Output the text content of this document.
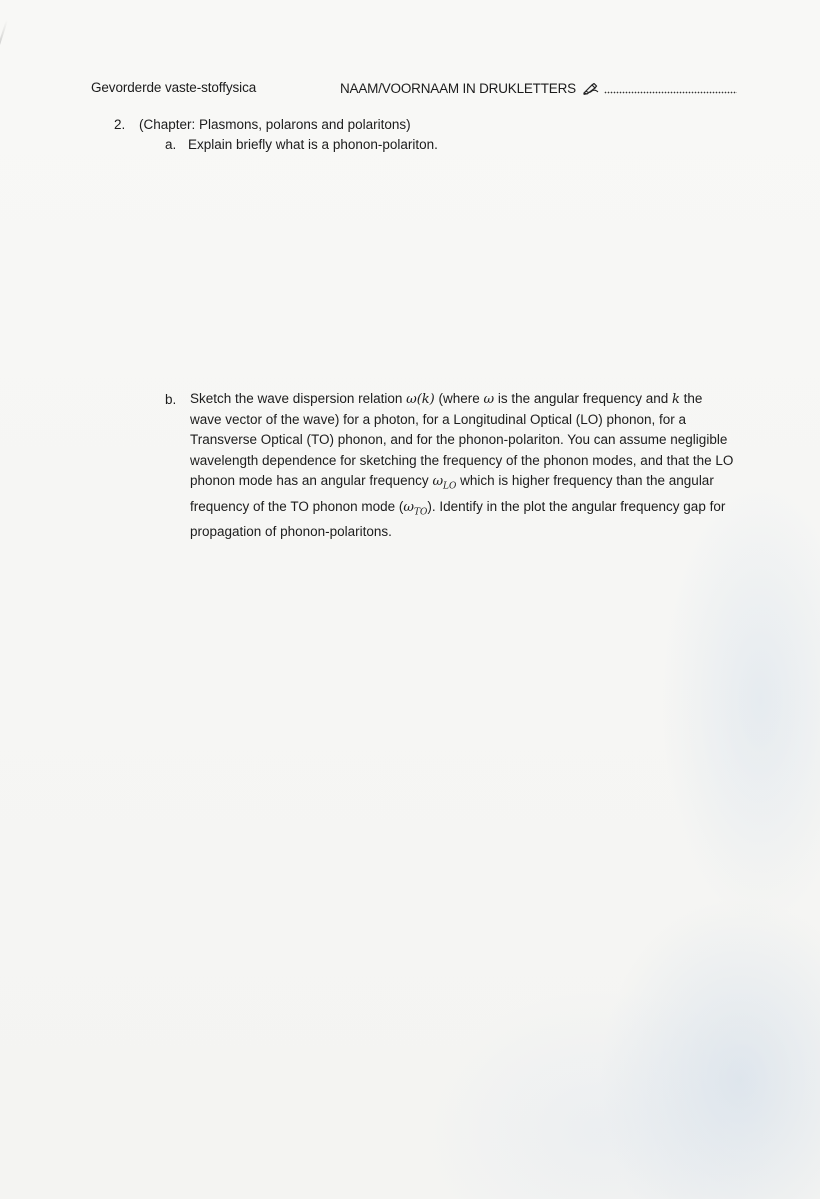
Gevorderde vaste-stoffysica	NAAM/VOORNAAM IN DRUKLETTERS
2. (Chapter: Plasmons, polarons and polaritons)
a. Explain briefly what is a phonon-polariton.
b. Sketch the wave dispersion relation ω(k) (where ω is the angular frequency and k the
wave vector of the wave) for a photon, for a Longitudinal Optical (LO) phonon, for a
Transverse Optical (TO) phonon, and for the phonon-polariton. You can assume negligible
wavelength dependence for sketching the frequency of the phonon modes, and that the LO
phonon mode has an angular frequency $\omega_{LO}$ which is higher frequency than the angular
frequency of the TO phonon mode $(\omega_{TO})$. Identify in the plot the angular frequency gap for
propagation of phonon-polaritons.
